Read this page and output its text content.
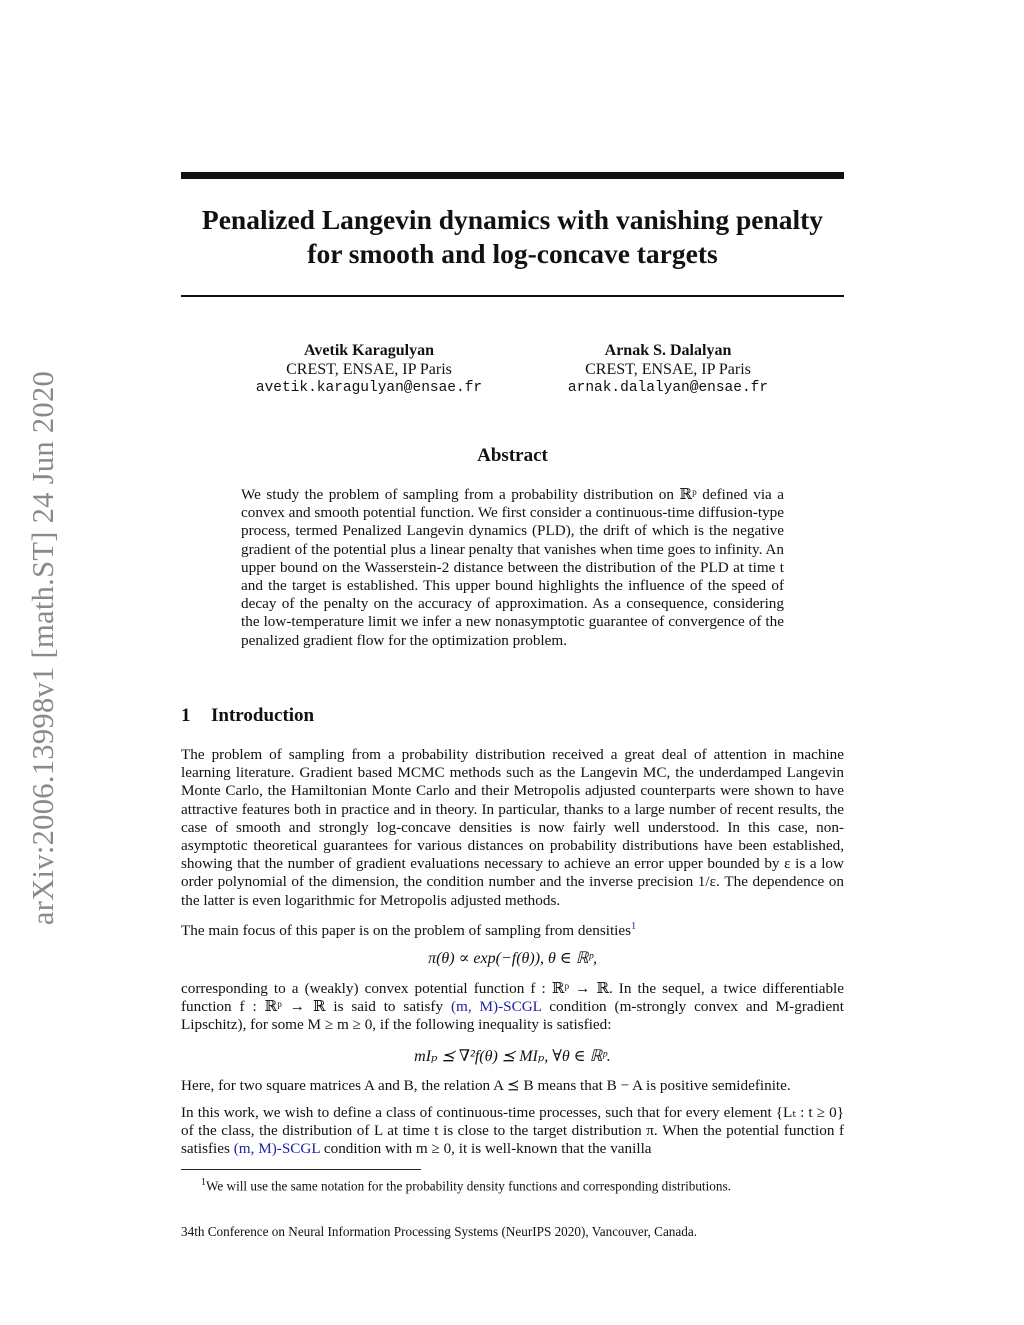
arXiv:2006.13998v1 [math.ST] 24 Jun 2020
Penalized Langevin dynamics with vanishing penalty
for smooth and log-concave targets
Avetik Karagulyan
CREST, ENSAE, IP Paris
avetik.karagulyan@ensae.fr
Arnak S. Dalalyan
CREST, ENSAE, IP Paris
arnak.dalalyan@ensae.fr
Abstract
We study the problem of sampling from a probability distribution on ℝᵖ defined via a convex and smooth potential function. We first consider a continuous-time diffusion-type process, termed Penalized Langevin dynamics (PLD), the drift of which is the negative gradient of the potential plus a linear penalty that vanishes when time goes to infinity. An upper bound on the Wasserstein-2 distance between the distribution of the PLD at time t and the target is established. This upper bound highlights the influence of the speed of decay of the penalty on the accuracy of approximation. As a consequence, considering the low-temperature limit we infer a new nonasymptotic guarantee of convergence of the penalized gradient flow for the optimization problem.
1 Introduction
The problem of sampling from a probability distribution received a great deal of attention in machine learning literature. Gradient based MCMC methods such as the Langevin MC, the underdamped Langevin Monte Carlo, the Hamiltonian Monte Carlo and their Metropolis adjusted counterparts were shown to have attractive features both in practice and in theory. In particular, thanks to a large number of recent results, the case of smooth and strongly log-concave densities is now fairly well understood. In this case, non-asymptotic theoretical guarantees for various distances on probability distributions have been established, showing that the number of gradient evaluations necessary to achieve an error upper bounded by ε is a low order polynomial of the dimension, the condition number and the inverse precision 1/ε. The dependence on the latter is even logarithmic for Metropolis adjusted methods.
The main focus of this paper is on the problem of sampling from densities$^1$
π(θ) ∝ exp(−f(θ)), θ ∈ ℝᵖ,
corresponding to a (weakly) convex potential function f : ℝᵖ → ℝ. In the sequel, a twice differentiable function f : ℝᵖ → ℝ is said to satisfy (m, M)-SCGL condition (m-strongly convex and M-gradient Lipschitz), for some M ≥ m ≥ 0, if the following inequality is satisfied:
mIₚ ⪯ ∇²f(θ) ⪯ MIₚ, ∀θ ∈ ℝᵖ.
Here, for two square matrices A and B, the relation A ⪯ B means that B − A is positive semidefinite.
In this work, we wish to define a class of continuous-time processes, such that for every element {Lₜ : t ≥ 0} of the class, the distribution of L at time t is close to the target distribution π. When the potential function f satisfies (m, M)-SCGL condition with m ≥ 0, it is well-known that the vanilla
$^1$We will use the same notation for the probability density functions and corresponding distributions.
34th Conference on Neural Information Processing Systems (NeurIPS 2020), Vancouver, Canada.
